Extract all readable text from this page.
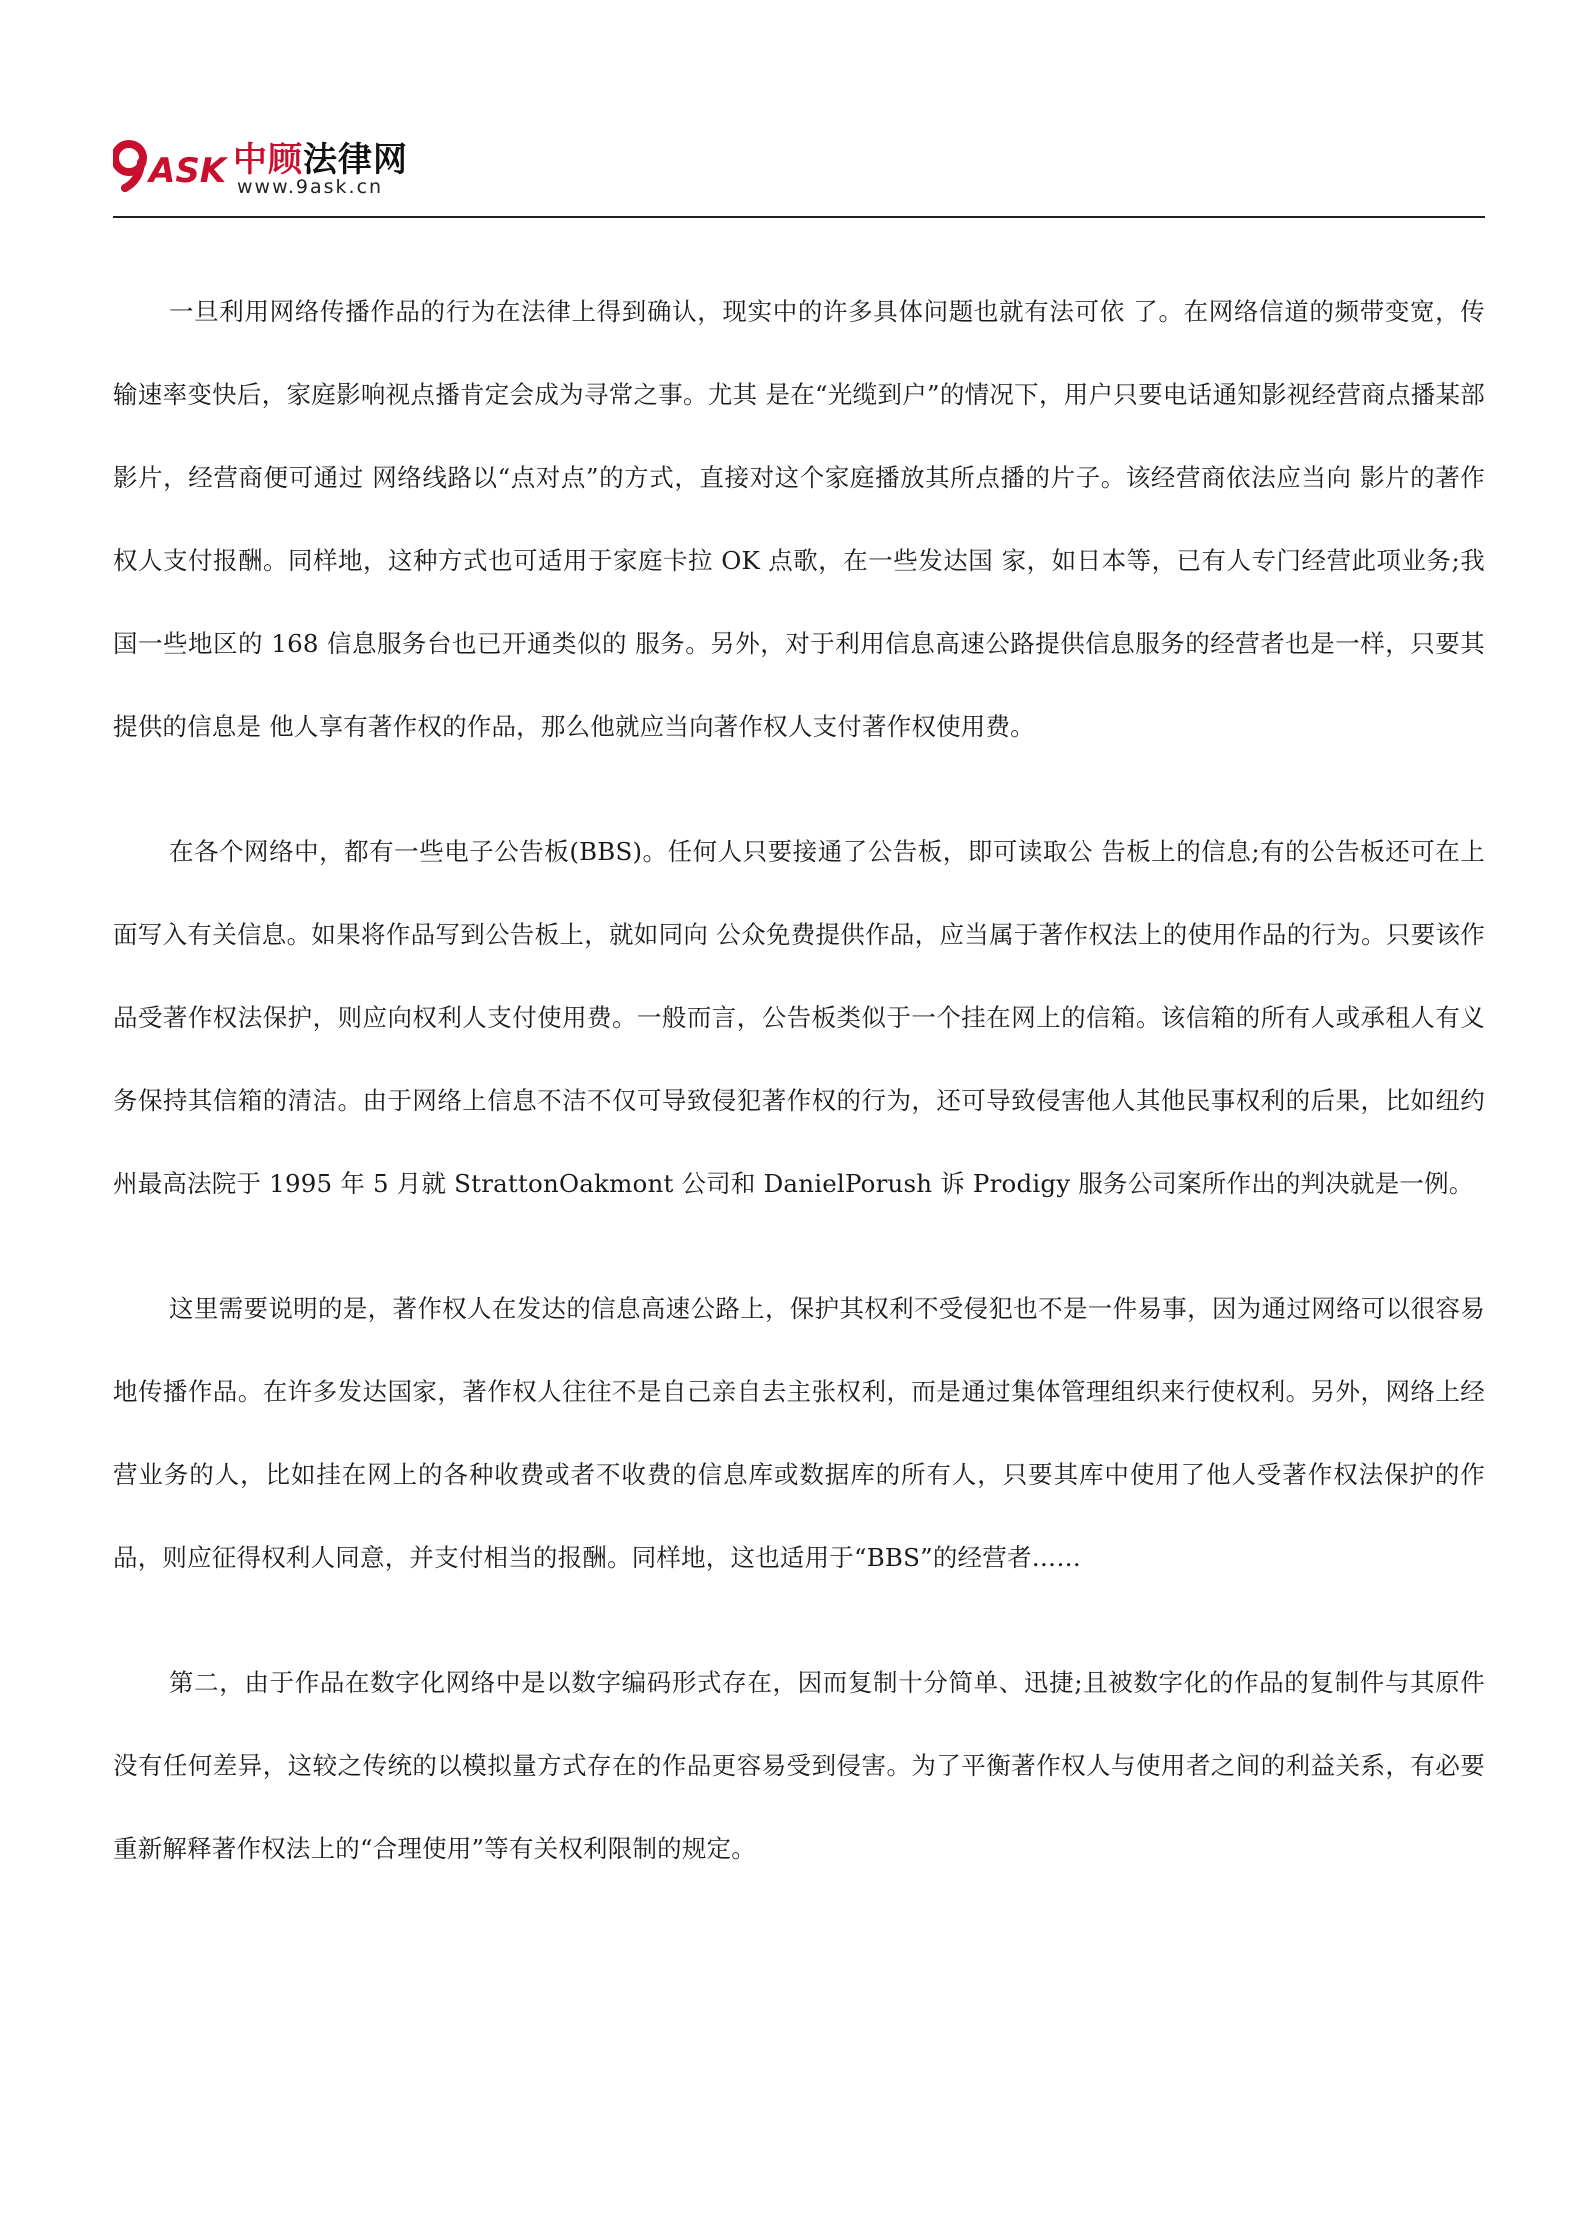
ASK 中顾法律网
www.9ask.cn

一旦利用网络传播作品的行为在法律上得到确认，现实中的许多具体问题也就有法可依 了。在网络信道的频带变宽，传输速率变快后，家庭影响视点播肯定会成为寻常之事。尤其 是在“光缆到户”的情况下，用户只要电话通知影视经营商点播某部影片，经营商便可通过 网络线路以“点对点”的方式，直接对这个家庭播放其所点播的片子。该经营商依法应当向 影片的著作权人支付报酬。同样地，这种方式也可适用于家庭卡拉 OK 点歌，在一些发达国 家，如日本等，已有人专门经营此项业务;我国一些地区的 168 信息服务台也已开通类似的 服务。另外，对于利用信息高速公路提供信息服务的经营者也是一样，只要其提供的信息是 他人享有著作权的作品，那么他就应当向著作权人支付著作权使用费。

在各个网络中，都有一些电子公告板(BBS)。任何人只要接通了公告板，即可读取公 告板上的信息;有的公告板还可在上面写入有关信息。如果将作品写到公告板上，就如同向 公众免费提供作品，应当属于著作权法上的使用作品的行为。只要该作品受著作权法保护，则应向权利人支付使用费。一般而言，公告板类似于一个挂在网上的信箱。该信箱的所有人或承租人有义务保持其信箱的清洁。由于网络上信息不洁不仅可导致侵犯著作权的行为，还可导致侵害他人其他民事权利的后果，比如纽约州最高法院于 1995 年 5 月就 StrattonOakmont 公司和 DanielPorush 诉 Prodigy 服务公司案所作出的判决就是一例。

这里需要说明的是，著作权人在发达的信息高速公路上，保护其权利不受侵犯也不是一件易事，因为通过网络可以很容易地传播作品。在许多发达国家，著作权人往往不是自己亲自去主张权利，而是通过集体管理组织来行使权利。另外，网络上经营业务的人，比如挂在网上的各种收费或者不收费的信息库或数据库的所有人，只要其库中使用了他人受著作权法保护的作品，则应征得权利人同意，并支付相当的报酬。同样地，这也适用于“BBS”的经营者……

第二，由于作品在数字化网络中是以数字编码形式存在，因而复制十分简单、迅捷;且被数字化的作品的复制件与其原件没有任何差异，这较之传统的以模拟量方式存在的作品更容易受到侵害。为了平衡著作权人与使用者之间的利益关系，有必要重新解释著作权法上的“合理使用”等有关权利限制的规定。
